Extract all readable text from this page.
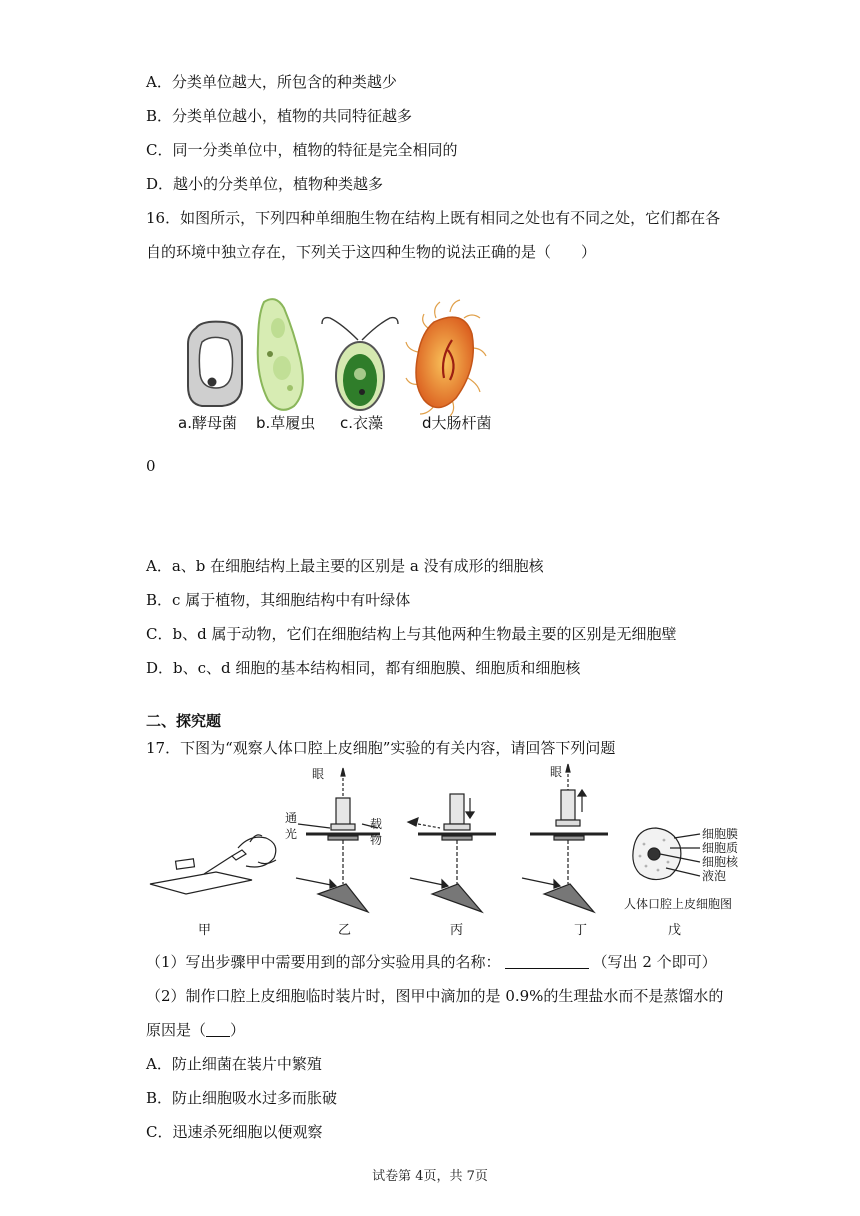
A．分类单位越大，所包含的种类越少
B．分类单位越小，植物的共同特征越多
C．同一分类单位中，植物的特征是完全相同的
D．越小的分类单位，植物种类越多
16．如图所示，下列四种单细胞生物在结构上既有相同之处也有不同之处，它们都在各
自的环境中独立存在，下列关于这四种生物的说法正确的是（　　）
a.酵母菌 b.草履虫 c.衣藻	d大肠杆菌
0
A．a、b 在细胞结构上最主要的区别是 a 没有成形的细胞核
B．c 属于植物，其细胞结构中有叶绿体
C．b、d 属于动物，它们在细胞结构上与其他两种生物最主要的区别是无细胞壁
D．b、c、d 细胞的基本结构相同，都有细胞膜、细胞质和细胞核
二、探究题
17．下图为“观察人体口腔上皮细胞”实验的有关内容，请回答下列问题
眼	眼
通 光
载 物	细胞膜
细胞质
细胞核
液泡
人体口腔上皮细胞图
甲	乙	丙	丁	戊
（1）写出步骤甲中需要用到的部分实验用具的名称：	（写出 2 个即可）
（2）制作口腔上皮细胞临时装片时，图甲中滴加的是 0.9%的生理盐水而不是蒸馏水的
原因是（ ）
A．防止细菌在装片中繁殖
B．防止细胞吸水过多而胀破
C．迅速杀死细胞以便观察
试卷第 4页，共 7页
